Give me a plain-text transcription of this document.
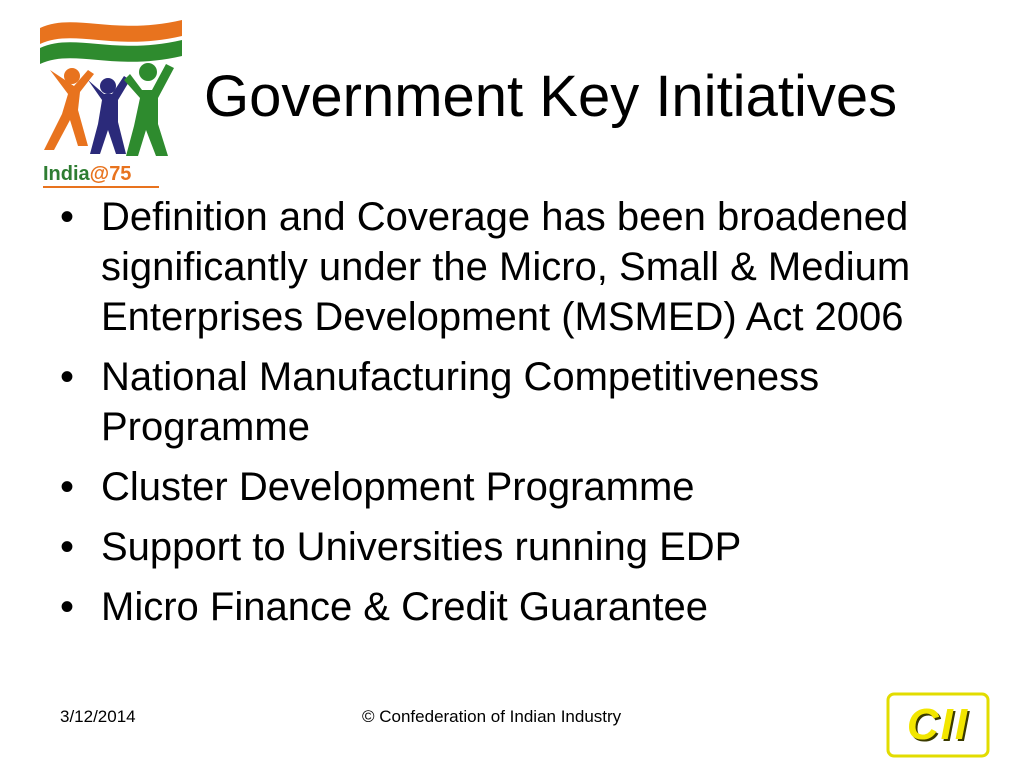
India@75
Government Key Initiatives
• Definition and Coverage has been broadened significantly under the Micro, Small & Medium Enterprises Development (MSMED) Act 2006
• National Manufacturing Competitiveness Programme
• Cluster Development Programme
• Support to Universities running EDP
• Micro Finance & Credit Guarantee
3/12/2014	© Confederation of Indian Industry	CII
